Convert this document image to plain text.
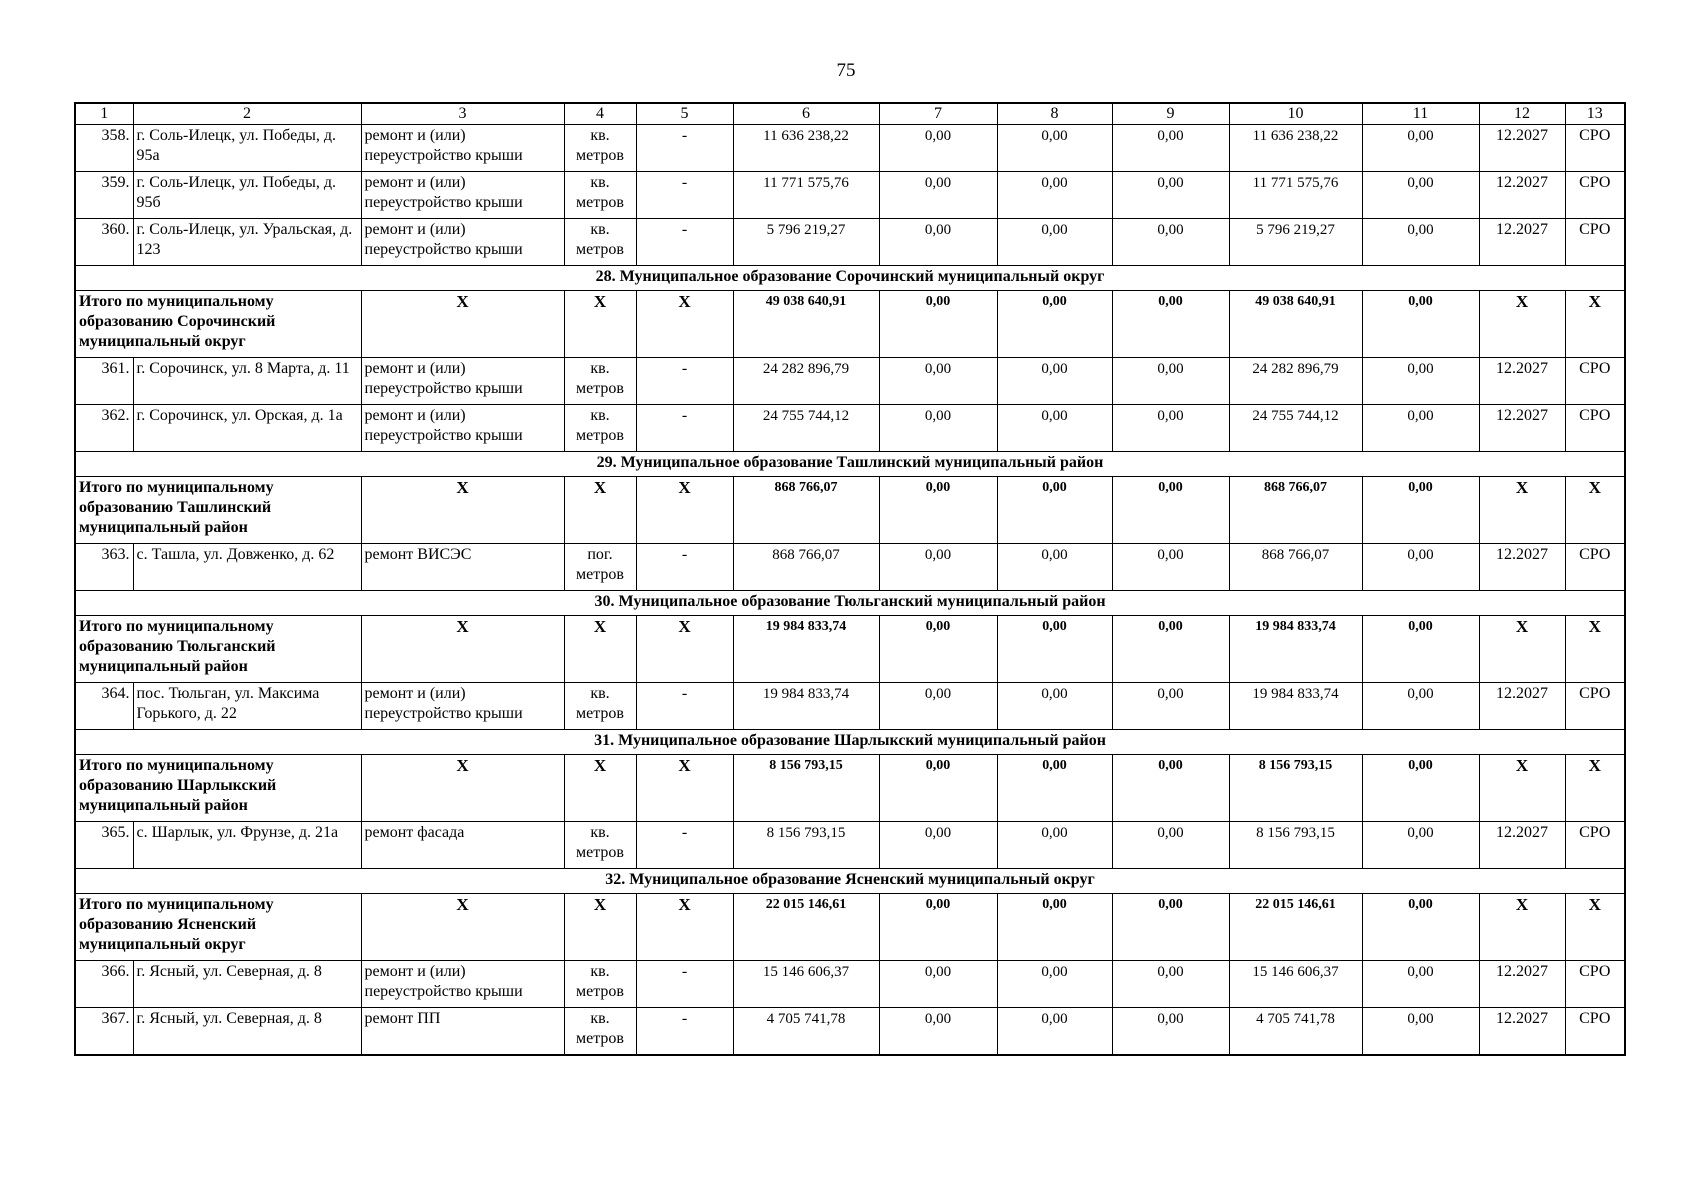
75
1	2	3	4	5	6	7	8	9	10	11	12	13
358.	г. Соль-Илецк, ул. Победы, д. 95а	ремонт и (или) переустройство крыши	кв. метров	-	11 636 238,22	0,00	0,00	0,00	11 636 238,22	0,00	12.2027	СРО
359.	г. Соль-Илецк, ул. Победы, д. 95б	ремонт и (или) переустройство крыши	кв. метров	-	11 771 575,76	0,00	0,00	0,00	11 771 575,76	0,00	12.2027	СРО
360.	г. Соль-Илецк, ул. Уральская, д. 123	ремонт и (или) переустройство крыши	кв. метров	-	5 796 219,27	0,00	0,00	0,00	5 796 219,27	0,00	12.2027	СРО
28. Муниципальное образование Сорочинский муниципальный округ												
Итого по муниципальному образованию Сорочинский муниципальный округ		X	X	X	49 038 640,91	0,00	0,00	0,00	49 038 640,91	0,00	X	X
361.	г. Сорочинск, ул. 8 Марта, д. 11	ремонт и (или) переустройство крыши	кв. метров	-	24 282 896,79	0,00	0,00	0,00	24 282 896,79	0,00	12.2027	СРО
362.	г. Сорочинск, ул. Орская, д. 1а	ремонт и (или) переустройство крыши	кв. метров	-	24 755 744,12	0,00	0,00	0,00	24 755 744,12	0,00	12.2027	СРО
29. Муниципальное образование Ташлинский муниципальный район												
Итого по муниципальному образованию Ташлинский муниципальный район		X	X	X	868 766,07	0,00	0,00	0,00	868 766,07	0,00	X	X
363.	с. Ташла, ул. Довженко, д. 62	ремонт ВИСЭС	пог. метров	-	868 766,07	0,00	0,00	0,00	868 766,07	0,00	12.2027	СРО
30. Муниципальное образование Тюльганский муниципальный район												
Итого по муниципальному образованию Тюльганский муниципальный район		X	X	X	19 984 833,74	0,00	0,00	0,00	19 984 833,74	0,00	X	X
364.	пос. Тюльган, ул. Максима Горького, д. 22	ремонт и (или) переустройство крыши	кв. метров	-	19 984 833,74	0,00	0,00	0,00	19 984 833,74	0,00	12.2027	СРО
31. Муниципальное образование Шарлыкский муниципальный район												
Итого по муниципальному образованию Шарлыкский муниципальный район		X	X	X	8 156 793,15	0,00	0,00	0,00	8 156 793,15	0,00	X	X
365.	с. Шарлык, ул. Фрунзе, д. 21а	ремонт фасада	кв. метров	-	8 156 793,15	0,00	0,00	0,00	8 156 793,15	0,00	12.2027	СРО
32. Муниципальное образование Ясненский муниципальный округ												
Итого по муниципальному образованию Ясненский муниципальный округ		X	X	X	22 015 146,61	0,00	0,00	0,00	22 015 146,61	0,00	X	X
366.	г. Ясный, ул. Северная, д. 8	ремонт и (или) переустройство крыши	кв. метров	-	15 146 606,37	0,00	0,00	0,00	15 146 606,37	0,00	12.2027	СРО
367.	г. Ясный, ул. Северная, д. 8	ремонт ПП	кв. метров	-	4 705 741,78	0,00	0,00	0,00	4 705 741,78	0,00	12.2027	СРО
